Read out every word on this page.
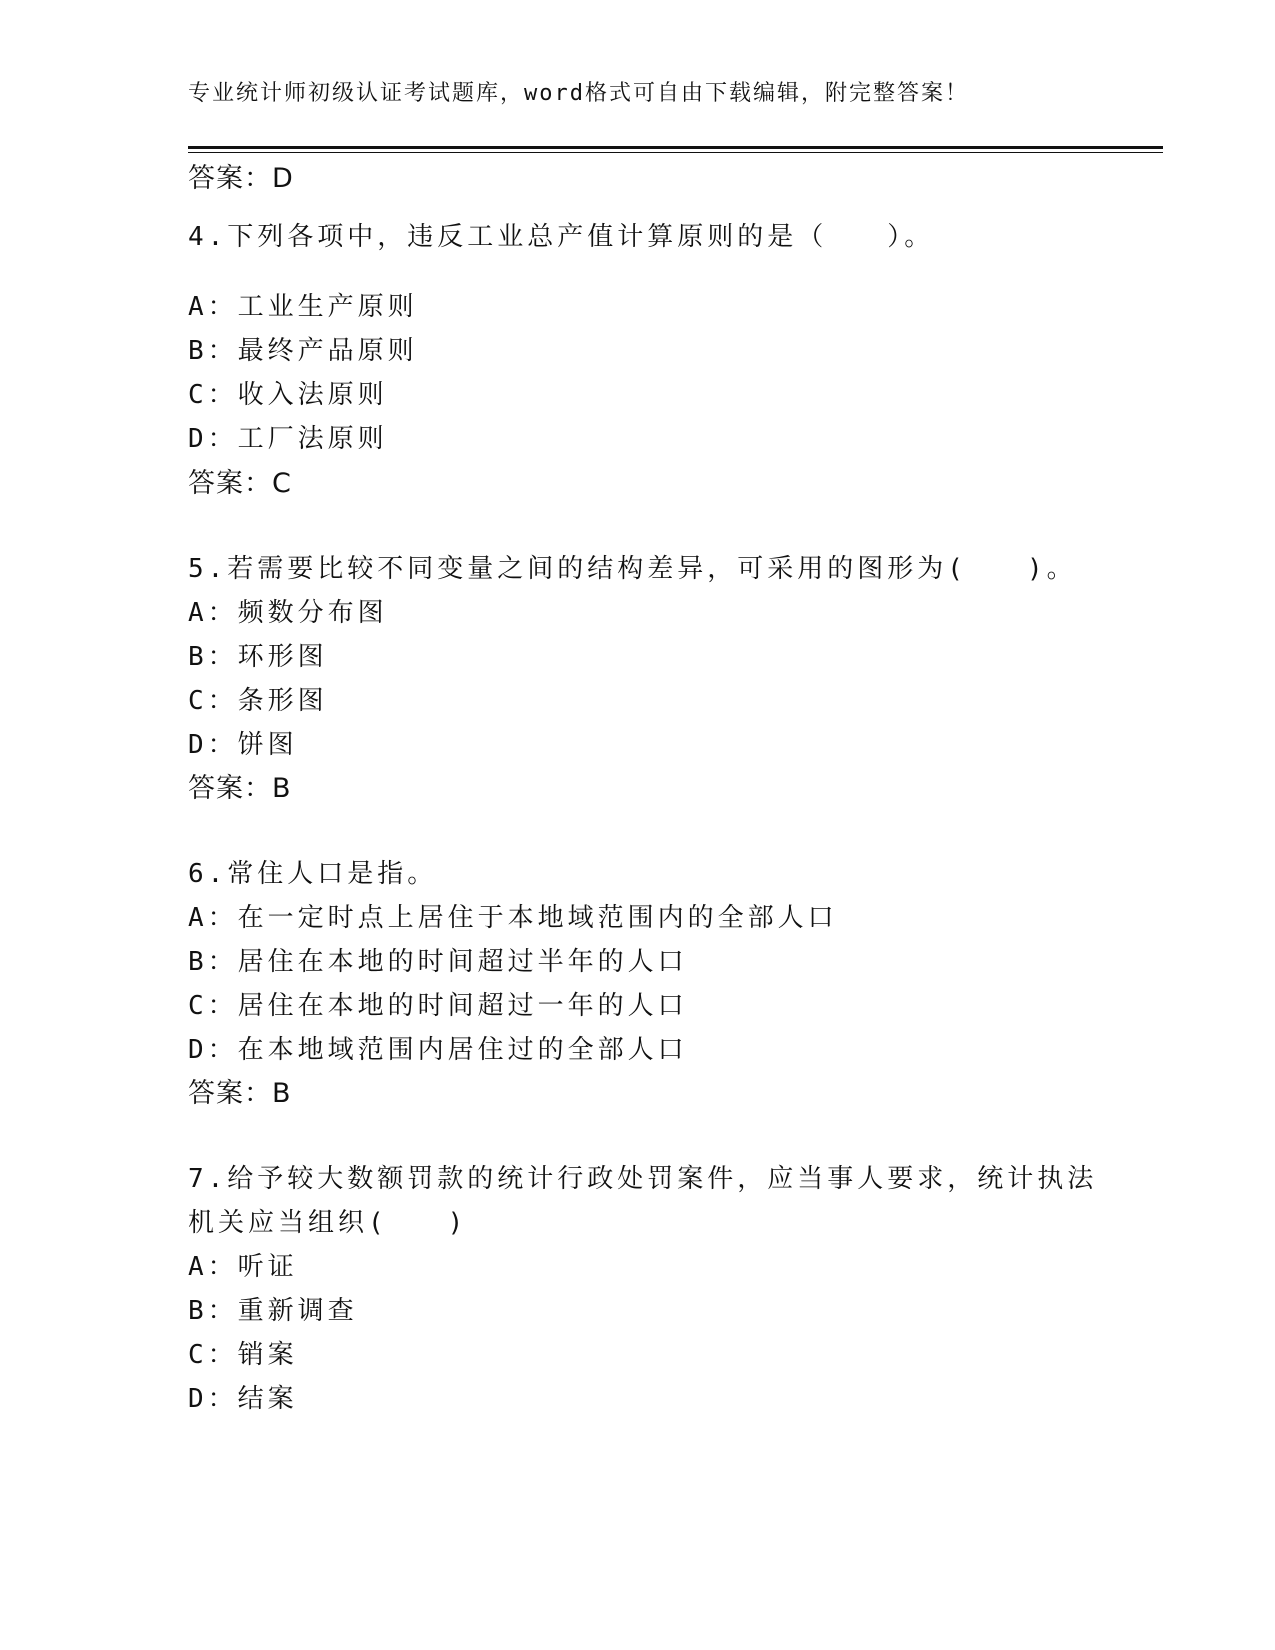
专业统计师初级认证考试题库，word格式可自由下载编辑，附完整答案！
答案：D
4.下列各项中，违反工业总产值计算原则的是（　　）。
A：工业生产原则
B：最终产品原则
C：收入法原则
D：工厂法原则
答案：C
5.若需要比较不同变量之间的结构差异，可采用的图形为(　　)。
A：频数分布图
B：环形图
C：条形图
D：饼图
答案：B
6.常住人口是指。
A：在一定时点上居住于本地域范围内的全部人口
B：居住在本地的时间超过半年的人口
C：居住在本地的时间超过一年的人口
D：在本地域范围内居住过的全部人口
答案：B
7.给予较大数额罚款的统计行政处罚案件，应当事人要求，统计执法
机关应当组织(　　)
A：听证
B：重新调查
C：销案
D：结案
